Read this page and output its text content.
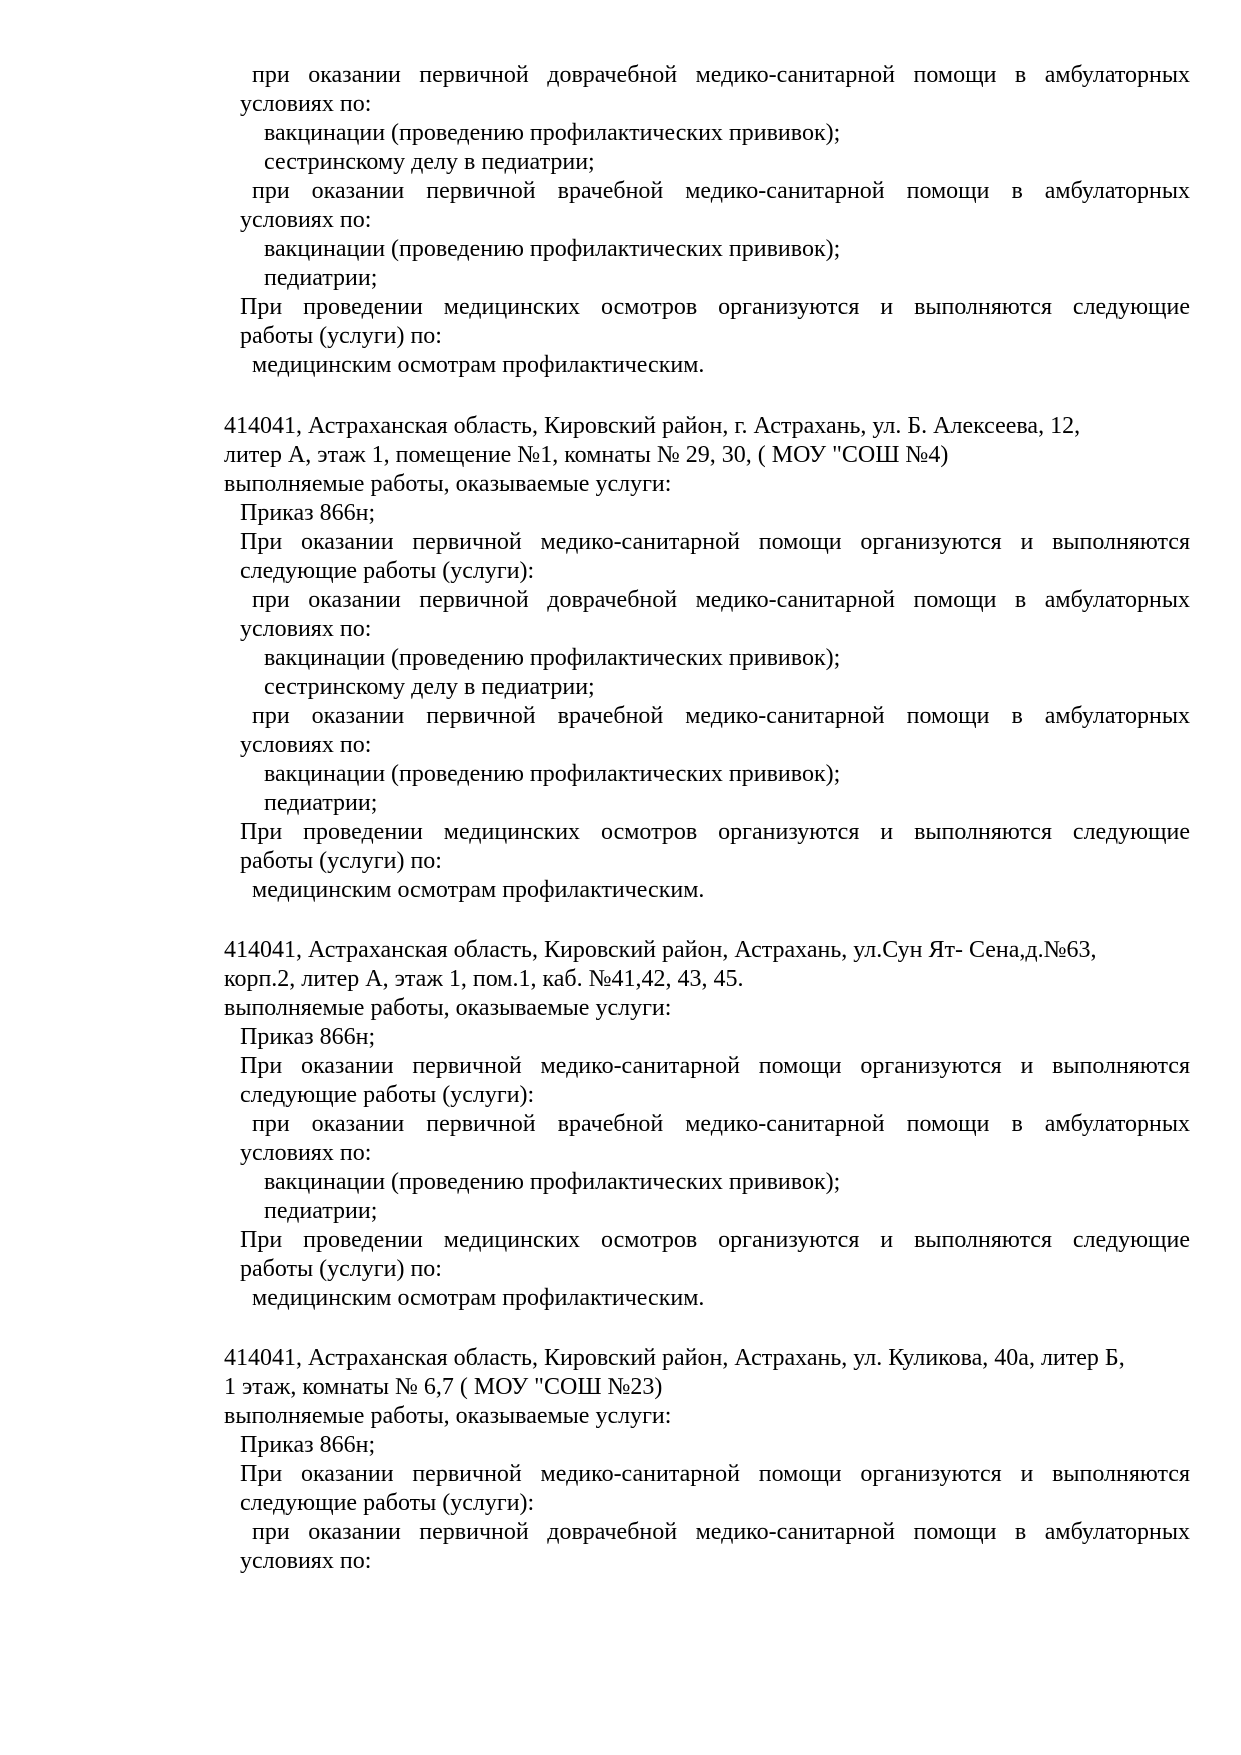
при оказании первичной доврачебной медико-санитарной помощи в амбулаторных
условиях по:
вакцинации (проведению профилактических прививок);
сестринскому делу в педиатрии;
при оказании первичной врачебной медико-санитарной помощи в амбулаторных
условиях по:
вакцинации (проведению профилактических прививок);
педиатрии;
При проведении медицинских осмотров организуются и выполняются следующие
работы (услуги) по:
медицинским осмотрам профилактическим.
414041, Астраханская область, Кировский район, г. Астрахань, ул. Б. Алексеева, 12,
литер А, этаж 1, помещение №1, комнаты № 29, 30, ( МОУ "СОШ №4)
выполняемые работы, оказываемые услуги:
Приказ 866н;
При оказании первичной медико-санитарной помощи организуются и выполняются
следующие работы (услуги):
при оказании первичной доврачебной медико-санитарной помощи в амбулаторных
условиях по:
вакцинации (проведению профилактических прививок);
сестринскому делу в педиатрии;
при оказании первичной врачебной медико-санитарной помощи в амбулаторных
условиях по:
вакцинации (проведению профилактических прививок);
педиатрии;
При проведении медицинских осмотров организуются и выполняются следующие
работы (услуги) по:
медицинским осмотрам профилактическим.
414041, Астраханская область, Кировский район, Астрахань, ул.Сун Ят- Сена,д.№63,
корп.2, литер А, этаж 1, пом.1, каб. №41,42, 43, 45.
выполняемые работы, оказываемые услуги:
Приказ 866н;
При оказании первичной медико-санитарной помощи организуются и выполняются
следующие работы (услуги):
при оказании первичной врачебной медико-санитарной помощи в амбулаторных
условиях по:
вакцинации (проведению профилактических прививок);
педиатрии;
При проведении медицинских осмотров организуются и выполняются следующие
работы (услуги) по:
медицинским осмотрам профилактическим.
414041, Астраханская область, Кировский район, Астрахань, ул. Куликова, 40а, литер Б,
1 этаж, комнаты № 6,7 ( МОУ "СОШ №23)
выполняемые работы, оказываемые услуги:
Приказ 866н;
При оказании первичной медико-санитарной помощи организуются и выполняются
следующие работы (услуги):
при оказании первичной доврачебной медико-санитарной помощи в амбулаторных
условиях по:
